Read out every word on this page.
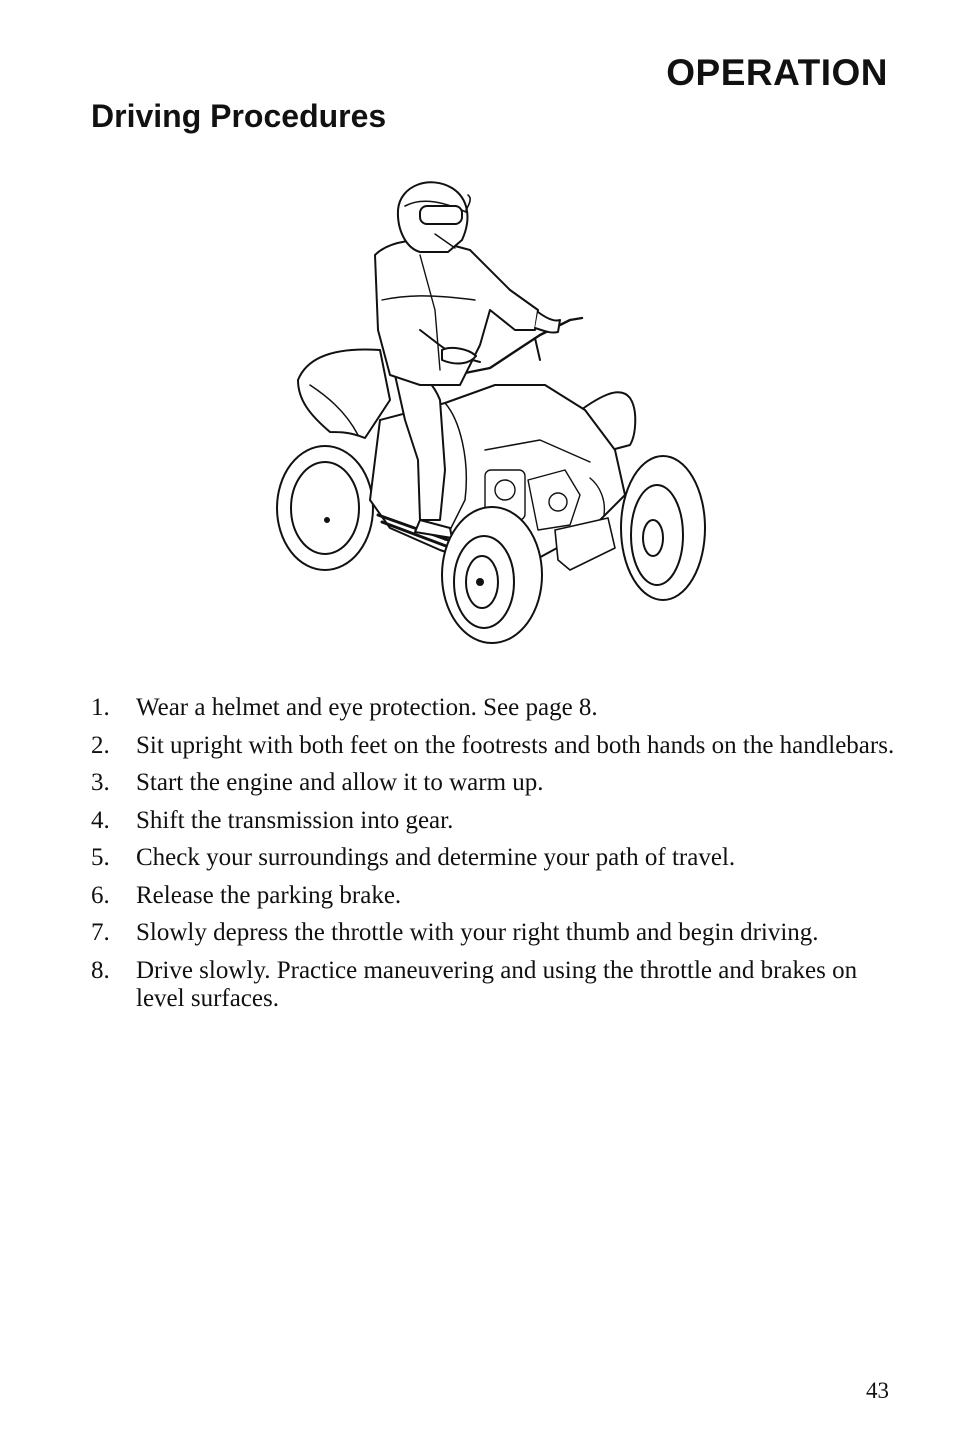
OPERATION
Driving Procedures
1. Wear a helmet and eye protection. See page 8.
2. Sit upright with both feet on the footrests and both hands on the handlebars.
3. Start the engine and allow it to warm up.
4. Shift the transmission into gear.
5. Check your surroundings and determine your path of travel.
6. Release the parking brake.
7. Slowly depress the throttle with your right thumb and begin driving.
8. Drive slowly. Practice maneuvering and using the throttle and brakes on level surfaces.
43
